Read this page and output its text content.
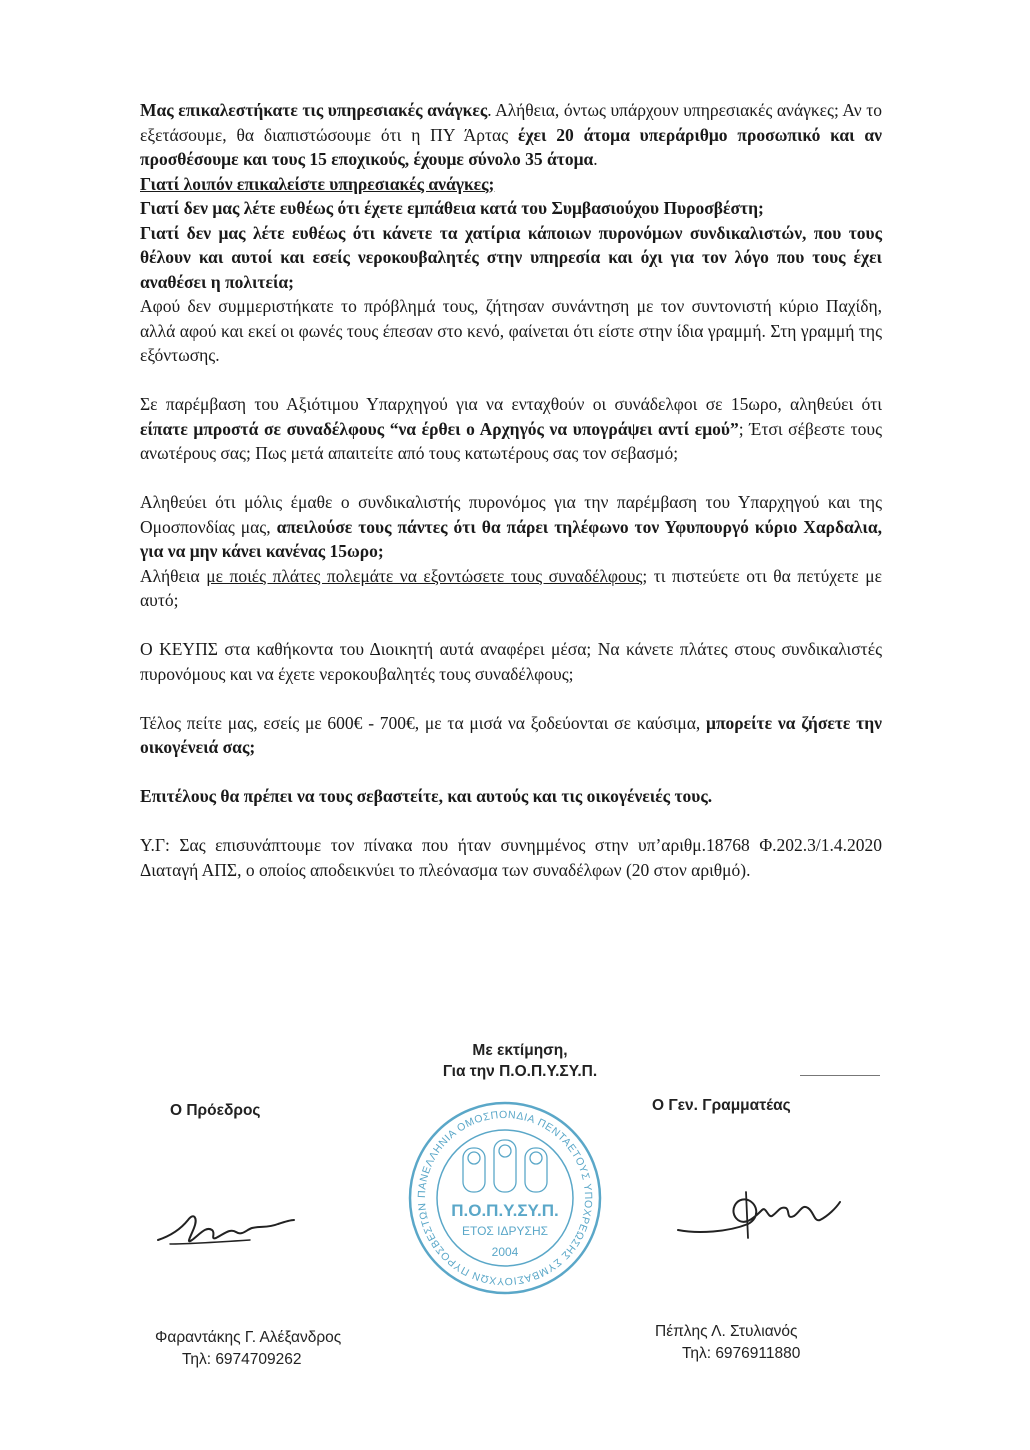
Μας επικαλεστήκατε τις υπηρεσιακές ανάγκες. Αλήθεια, όντως υπάρχουν υπηρεσιακές ανάγκες; Αν το εξετάσουμε, θα διαπιστώσουμε ότι η ΠΥ Άρτας έχει 20 άτομα υπεράριθμο προσωπικό και αν προσθέσουμε και τους 15 εποχικούς, έχουμε σύνολο 35 άτομα.

Γιατί λοιπόν επικαλείστε υπηρεσιακές ανάγκες;

Γιατί δεν μας λέτε ευθέως ότι έχετε εμπάθεια κατά του Συμβασιούχου Πυροσβέστη;

Γιατί δεν μας λέτε ευθέως ότι κάνετε τα χατίρια κάποιων πυρονόμων συνδικαλιστών, που τους θέλουν και αυτοί και εσείς νεροκουβαλητές στην υπηρεσία και όχι για τον λόγο που τους έχει αναθέσει η πολιτεία;

Αφού δεν συμμεριστήκατε το πρόβλημά τους, ζήτησαν συνάντηση με τον συντονιστή κύριο Παχίδη, αλλά αφού και εκεί οι φωνές τους έπεσαν στο κενό, φαίνεται ότι είστε στην ίδια γραμμή. Στη γραμμή της εξόντωσης.

Σε παρέμβαση του Αξιότιμου Υπαρχηγού για να ενταχθούν οι συνάδελφοι σε 15ωρο, αληθεύει ότι είπατε μπροστά σε συναδέλφους “να έρθει ο Αρχηγός να υπογράψει αντί εμού”; Έτσι σέβεστε τους ανωτέρους σας; Πως μετά απαιτείτε από τους κατωτέρους σας τον σεβασμό;

Αληθεύει ότι μόλις έμαθε ο συνδικαλιστής πυρονόμος για την παρέμβαση του Υπαρχηγού και της Ομοσπονδίας μας, απειλούσε τους πάντες ότι θα πάρει τηλέφωνο τον Υφυπουργό κύριο Χαρδαλια, για να μην κάνει κανένας 15ωρο;

Αλήθεια με ποιές πλάτες πολεμάτε να εξοντώσετε τους συναδέλφους; τι πιστεύετε οτι θα πετύχετε με αυτό;

Ο ΚΕΥΠΣ στα καθήκοντα του Διοικητή αυτά αναφέρει μέσα; Να κάνετε πλάτες στους συνδικαλιστές πυρονόμους και να έχετε νεροκουβαλητές τους συναδέλφους;

Τέλος πείτε μας, εσείς με 600€ - 700€, με τα μισά να ξοδεύονται σε καύσιμα, μπορείτε να ζήσετε την οικογένειά σας;

Επιτέλους θα πρέπει να τους σεβαστείτε, και αυτούς και τις οικογένειές τους.

Υ.Γ: Σας επισυνάπτουμε τον πίνακα που ήταν συνημμένος στην υπ’αριθμ.18768 Φ.202.3/1.4.2020 Διαταγή ΑΠΣ, ο οποίος αποδεικνύει το πλεόνασμα των συναδέλφων (20 στον αριθμό).

Με εκτίμηση,
Για την Π.Ο.Π.Υ.ΣΥ.Π.
Ο Πρόεδρος	Ο Γεν. Γραμματέας
ΠΑΝΕΛΛΗΝΙΑ ΟΜΟΣΠΟΝΔΙΑ ΠΕΝΤΑΕΤΟΥΣ ΥΠΟΧΡΕΩΣΗΣ ΣΥΜΒΑΣΙΟΥΧΩΝ ΠΥΡΟΣΒΕΣΤΩΝ	Π.Ο.Π.Υ.ΣΥ.Π.
ΕΤΟΣ ΙΔΡΥΣΗΣ
2004
Φαραντάκης Γ. Αλέξανδρος
Τηλ: 6974709262
Πέπλης Λ. Στυλιανός
Τηλ: 6976911880
